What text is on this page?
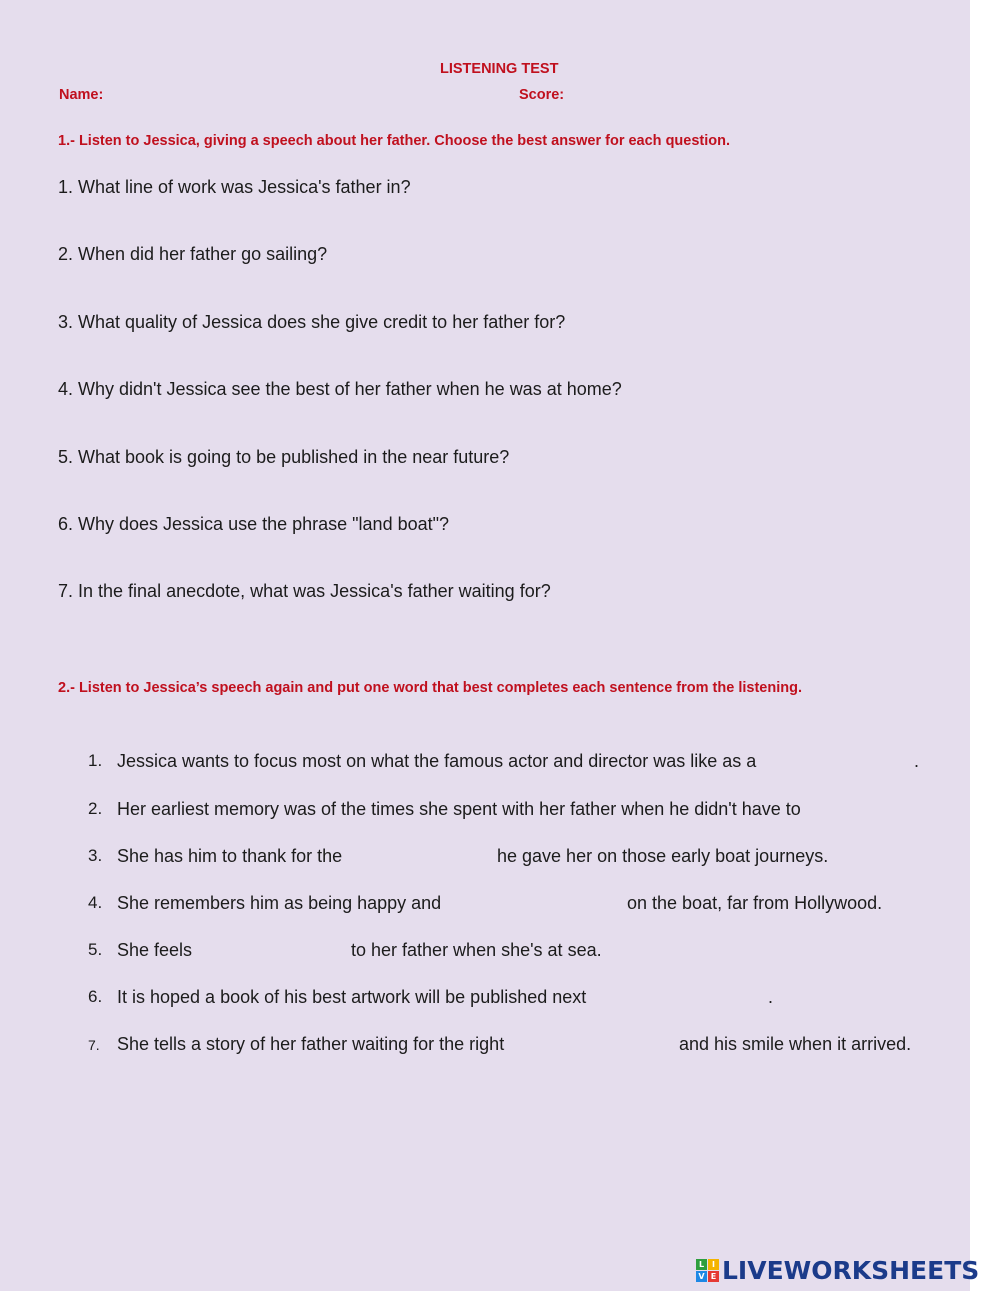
LISTENING TEST
Name:	Score:
1.- Listen to Jessica, giving a speech about her father. Choose the best answer for each question.
1. What line of work was Jessica's father in?
2. When did her father go sailing?
3. What quality of Jessica does she give credit to her father for?
4. Why didn't Jessica see the best of her father when he was at home?
5. What book is going to be published in the near future?
6. Why does Jessica use the phrase "land boat"?
7. In the final anecdote, what was Jessica's father waiting for?
2.- Listen to Jessica’s speech again and put one word that best completes each sentence from the listening.
1. Jessica wants to focus most on what the famous actor and director was like as a	.
2. Her earliest memory was of the times she spent with her father when he didn't have to
3. She has him to thank for the	he gave her on those early boat journeys.
4. She remembers him as being happy and	on the boat, far from Hollywood.
5. She feels	to her father when she's at sea.
6. It is hoped a book of his best artwork will be published next	.
7. She tells a story of her father waiting for the right	and his smile when it arrived.
L I
V E LIVEWORKSHEETS
